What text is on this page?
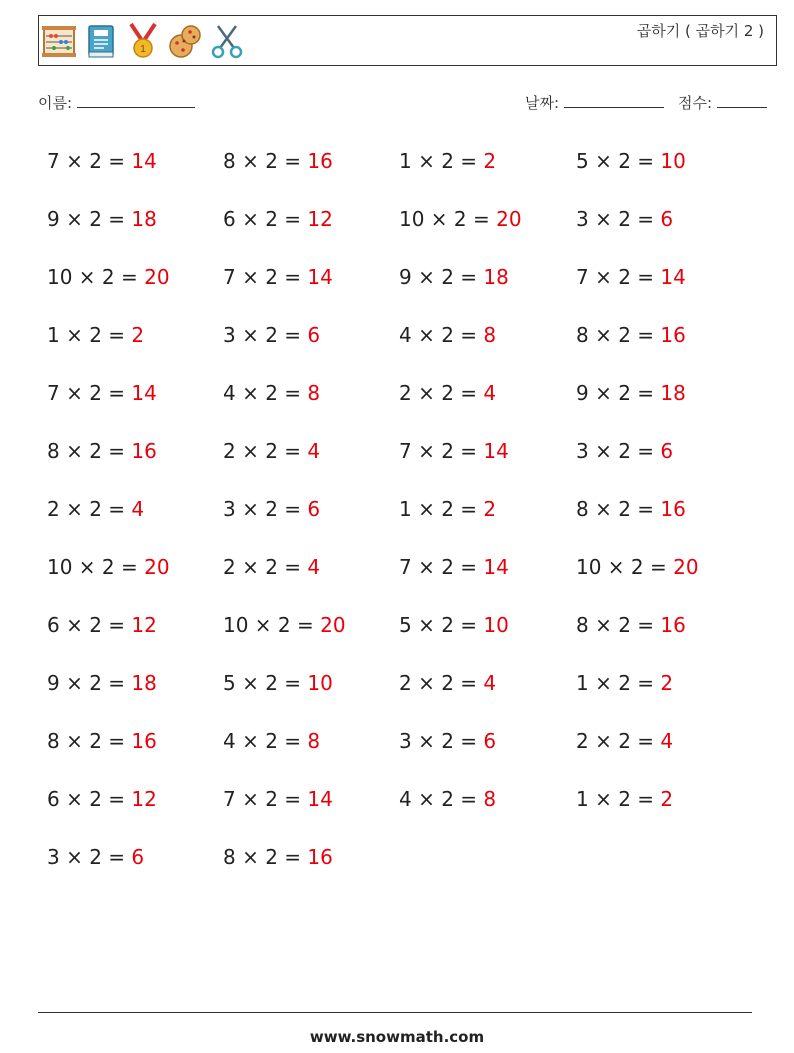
1
곱하기 ( 곱하기 2 )
이름:	날짜:	점수:
7 × 2 = 14	8 × 2 = 16	1 × 2 = 2	5 × 2 = 10
9 × 2 = 18	6 × 2 = 12	10 × 2 = 20	3 × 2 = 6
10 × 2 = 20	7 × 2 = 14	9 × 2 = 18	7 × 2 = 14
1 × 2 = 2	3 × 2 = 6	4 × 2 = 8	8 × 2 = 16
7 × 2 = 14	4 × 2 = 8	2 × 2 = 4	9 × 2 = 18
8 × 2 = 16	2 × 2 = 4	7 × 2 = 14	3 × 2 = 6
2 × 2 = 4	3 × 2 = 6	1 × 2 = 2	8 × 2 = 16
10 × 2 = 20	2 × 2 = 4	7 × 2 = 14	10 × 2 = 20
6 × 2 = 12	10 × 2 = 20	5 × 2 = 10	8 × 2 = 16
9 × 2 = 18	5 × 2 = 10	2 × 2 = 4	1 × 2 = 2
8 × 2 = 16	4 × 2 = 8	3 × 2 = 6	2 × 2 = 4
6 × 2 = 12	7 × 2 = 14	4 × 2 = 8	1 × 2 = 2
3 × 2 = 6	8 × 2 = 16
www.snowmath.com
